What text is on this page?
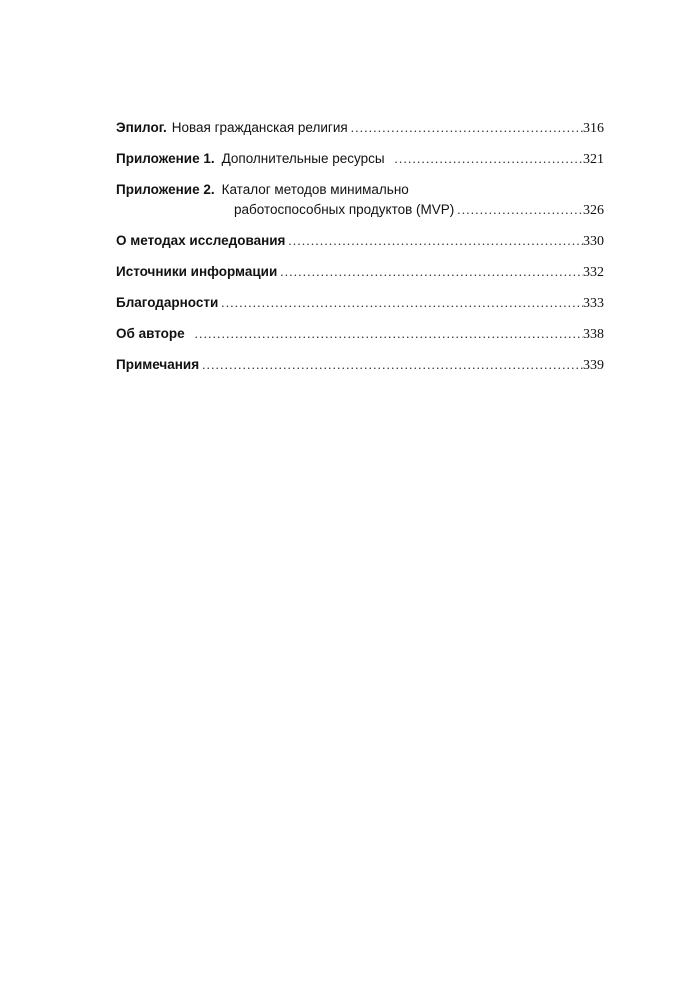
Эпилог. Новая гражданская религия . . .	316
Приложение 1. Дополнительные ресурсы . . .	321
Приложение 2. Каталог методов минимально
работоспособных продуктов (MVP) . . .	326
О методах исследования . . .	330
Источники информации . . .	332
Благодарности . . .	333
Об авторе . . .	338
Примечания . . .	339
